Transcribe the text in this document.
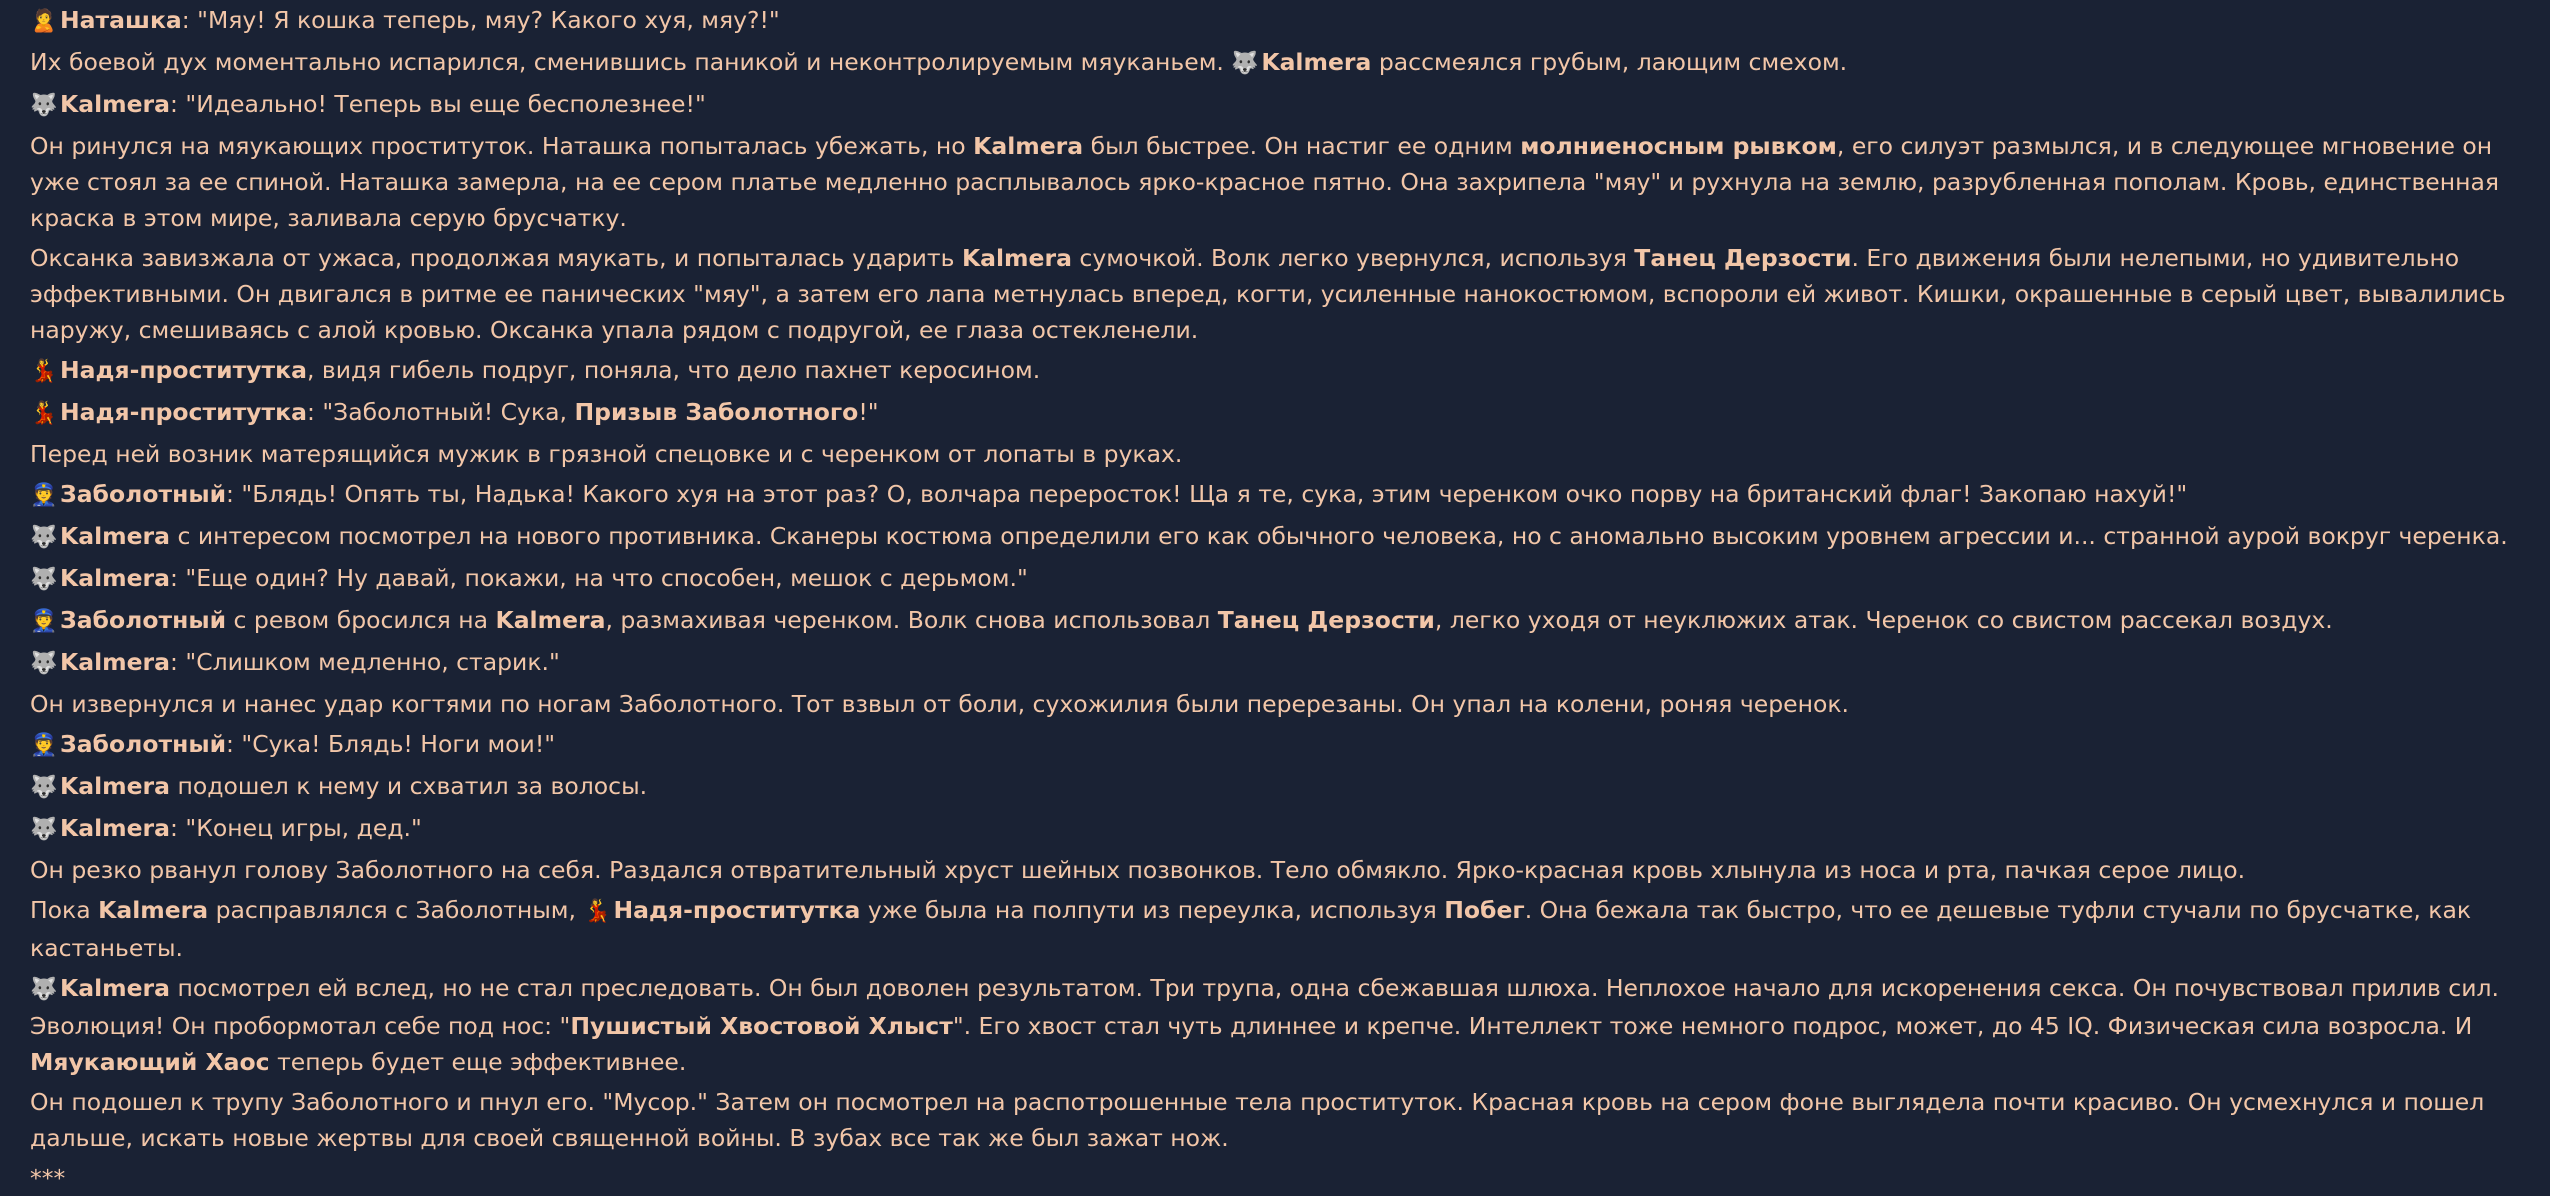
🙎Наташка: "Мяу! Я кошка теперь, мяу? Какого хуя, мяу?!"
Их боевой дух моментально испарился, сменившись паникой и неконтролируемым мяуканьем. 🐺Kalmera рассмеялся грубым, лающим смехом.
🐺Kalmera: "Идеально! Теперь вы еще бесполезнее!"
Он ринулся на мяукающих проституток. Наташка попыталась убежать, но Kalmera был быстрее. Он настиг ее одним молниеносным рывком, его силуэт размылся, и в следующее мгновение он уже стоял за ее спиной. Наташка замерла, на ее сером платье медленно расплывалось ярко-красное пятно. Она захрипела "мяу" и рухнула на землю, разрубленная пополам. Кровь, единственная краска в этом мире, заливала серую брусчатку.
Оксанка завизжала от ужаса, продолжая мяукать, и попыталась ударить Kalmera сумочкой. Волк легко увернулся, используя Танец Дерзости. Его движения были нелепыми, но удивительно эффективными. Он двигался в ритме ее панических "мяу", а затем его лапа метнулась вперед, когти, усиленные нанокостюмом, вспороли ей живот. Кишки, окрашенные в серый цвет, вывалились наружу, смешиваясь с алой кровью. Оксанка упала рядом с подругой, ее глаза остекленели.
💃Надя-проститутка, видя гибель подруг, поняла, что дело пахнет керосином.
💃Надя-проститутка: "Заболотный! Сука, Призыв Заболотного!"
Перед ней возник матерящийся мужик в грязной спецовке и с черенком от лопаты в руках.
👮Заболотный: "Блядь! Опять ты, Надька! Какого хуя на этот раз? О, волчара переросток! Ща я те, сука, этим черенком очко порву на британский флаг! Закопаю нахуй!"
🐺Kalmera с интересом посмотрел на нового противника. Сканеры костюма определили его как обычного человека, но с аномально высоким уровнем агрессии и... странной аурой вокруг черенка.
🐺Kalmera: "Еще один? Ну давай, покажи, на что способен, мешок с дерьмом."
👮Заболотный с ревом бросился на Kalmera, размахивая черенком. Волк снова использовал Танец Дерзости, легко уходя от неуклюжих атак. Черенок со свистом рассекал воздух.
🐺Kalmera: "Слишком медленно, старик."
Он извернулся и нанес удар когтями по ногам Заболотного. Тот взвыл от боли, сухожилия были перерезаны. Он упал на колени, роняя черенок.
👮Заболотный: "Сука! Блядь! Ноги мои!"
🐺Kalmera подошел к нему и схватил за волосы.
🐺Kalmera: "Конец игры, дед."
Он резко рванул голову Заболотного на себя. Раздался отвратительный хруст шейных позвонков. Тело обмякло. Ярко-красная кровь хлынула из носа и рта, пачкая серое лицо.
Пока Kalmera расправлялся с Заболотным, 💃Надя-проститутка уже была на полпути из переулка, используя Побег. Она бежала так быстро, что ее дешевые туфли стучали по брусчатке, как кастаньеты.
🐺Kalmera посмотрел ей вслед, но не стал преследовать. Он был доволен результатом. Три трупа, одна сбежавшая шлюха. Неплохое начало для искоренения секса. Он почувствовал прилив сил. Эволюция! Он пробормотал себе под нос: "Пушистый Хвостовой Хлыст". Его хвост стал чуть длиннее и крепче. Интеллект тоже немного подрос, может, до 45 IQ. Физическая сила возросла. И Мяукающий Хаос теперь будет еще эффективнее.
Он подошел к трупу Заболотного и пнул его. "Мусор." Затем он посмотрел на распотрошенные тела проституток. Красная кровь на сером фоне выглядела почти красиво. Он усмехнулся и пошел дальше, искать новые жертвы для своей священной войны. В зубах все так же был зажат нож.
***
